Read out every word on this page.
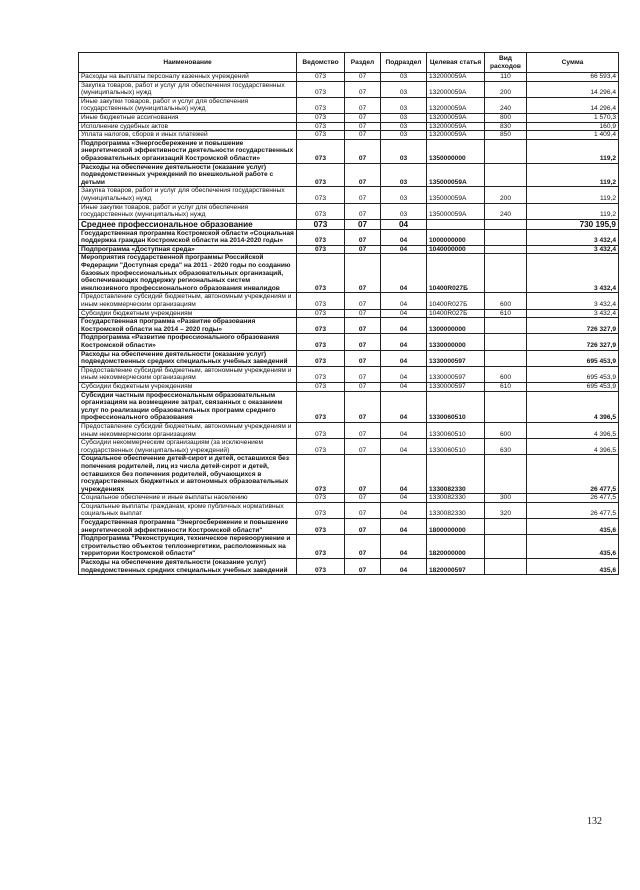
Наименование	Ведомство	Раздел	Подраздел	Целевая статья	Вид расходов	Сумма
Расходы на выплаты персоналу казенных учреждений	073	07	03	132000059А	110	66 593,4
Закупка товаров, работ и услуг для обеспечения государственных (муниципальных) нужд	073	07	03	132000059А	200	14 296,4
Иные закупки товаров, работ и услуг для обеспечения государственных (муниципальных) нужд	073	07	03	132000059А	240	14 296,4
Иные бюджетные ассигнования	073	07	03	132000059А	800	1 570,3
Исполнение судебных актов	073	07	03	132000059А	830	160,9
Уплата налогов, сборов и иных платежей	073	07	03	132000059А	850	1 409,4
Подпрограмма «Энергосбережение и повышение энергетической эффективности деятельности государственных образовательных организаций Костромской области»	073	07	03	1350000000		119,2
Расходы на обеспечение деятельности (оказание услуг) подведомственных учреждений по внешкольной работе с детьми	073	07	03	135000059А		119,2
Закупка товаров, работ и услуг для обеспечения государственных (муниципальных) нужд	073	07	03	135000059А	200	119,2
Иные закупки товаров, работ и услуг для обеспечения государственных (муниципальных) нужд	073	07	03	135000059А	240	119,2
Среднее профессиональное образование	073	07	04			730 195,9
Государственная программа Костромской области «Социальная поддержка граждан Костромской области на 2014-2020 годы»	073	07	04	1000000000		3 432,4
Подпрограмма «Доступная среда»	073	07	04	1040000000		3 432,4
Мероприятия государственной программы Российской Федерации "Доступная среда" на 2011 - 2020 годы по созданию базовых профессиональных образовательных организаций, обеспечивающих поддержку региональных систем инклюзивного профессионального образования инвалидов	073	07	04	10400R027Б		3 432,4
Предоставление субсидий бюджетным, автономным учреждениям и иным некоммерческим организациям	073	07	04	10400R027Б	600	3 432,4
Субсидии бюджетным учреждениям	073	07	04	10400R027Б	610	3 432,4
Государственная программа «Развитие образования Костромской области на 2014 – 2020 годы»	073	07	04	1300000000		726 327,9
Подпрограмма «Развитие профессионального образования Костромской области»	073	07	04	1330000000		726 327,9
Расходы на обеспечение деятельности (оказание услуг) подведомственных средних специальных учебных заведений	073	07	04	1330000597		695 453,9
Предоставление субсидий бюджетным, автономным учреждениям и иным некоммерческим организациям	073	07	04	1330000597	600	695 453,9
Субсидии бюджетным учреждениям	073	07	04	1330000597	610	695 453,9
Субсидии частным профессиональным образовательным организациям на возмещение затрат, связанных с оказанием услуг по реализации образовательных программ среднего профессионального образования	073	07	04	1330060510		4 396,5
Предоставление субсидий бюджетным, автономным учреждениям и иным некоммерческим организациям	073	07	04	1330060510	600	4 396,5
Субсидии некоммерческим организациям (за исключением государственных (муниципальных) учреждений)	073	07	04	1330060510	630	4 396,5
Социальное обеспечение детей-сирот и детей, оставшихся без попечения родителей, лиц из числа детей-сирот и детей, оставшихся без попечения родителей, обучающихся в государственных бюджетных и автономных образовательных учреждениях	073	07	04	1330082330		26 477,5
Социальное обеспечение и иные выплаты населению	073	07	04	1330082330	300	26 477,5
Социальные выплаты гражданам, кроме публичных нормативных социальных выплат	073	07	04	1330082330	320	26 477,5
Государственная программа "Энергосбережение и повышение энергетической эффективности Костромской области"	073	07	04	1800000000		435,6
Подпрограмма "Реконструкция, техническое перевооружение и строительство объектов теплоэнергетики, расположенных на территории Костромской области"	073	07	04	1820000000		435,6
Расходы на обеспечение деятельности (оказание услуг) подведомственных средних специальных учебных заведений	073	07	04	1820000597		435,6
132
